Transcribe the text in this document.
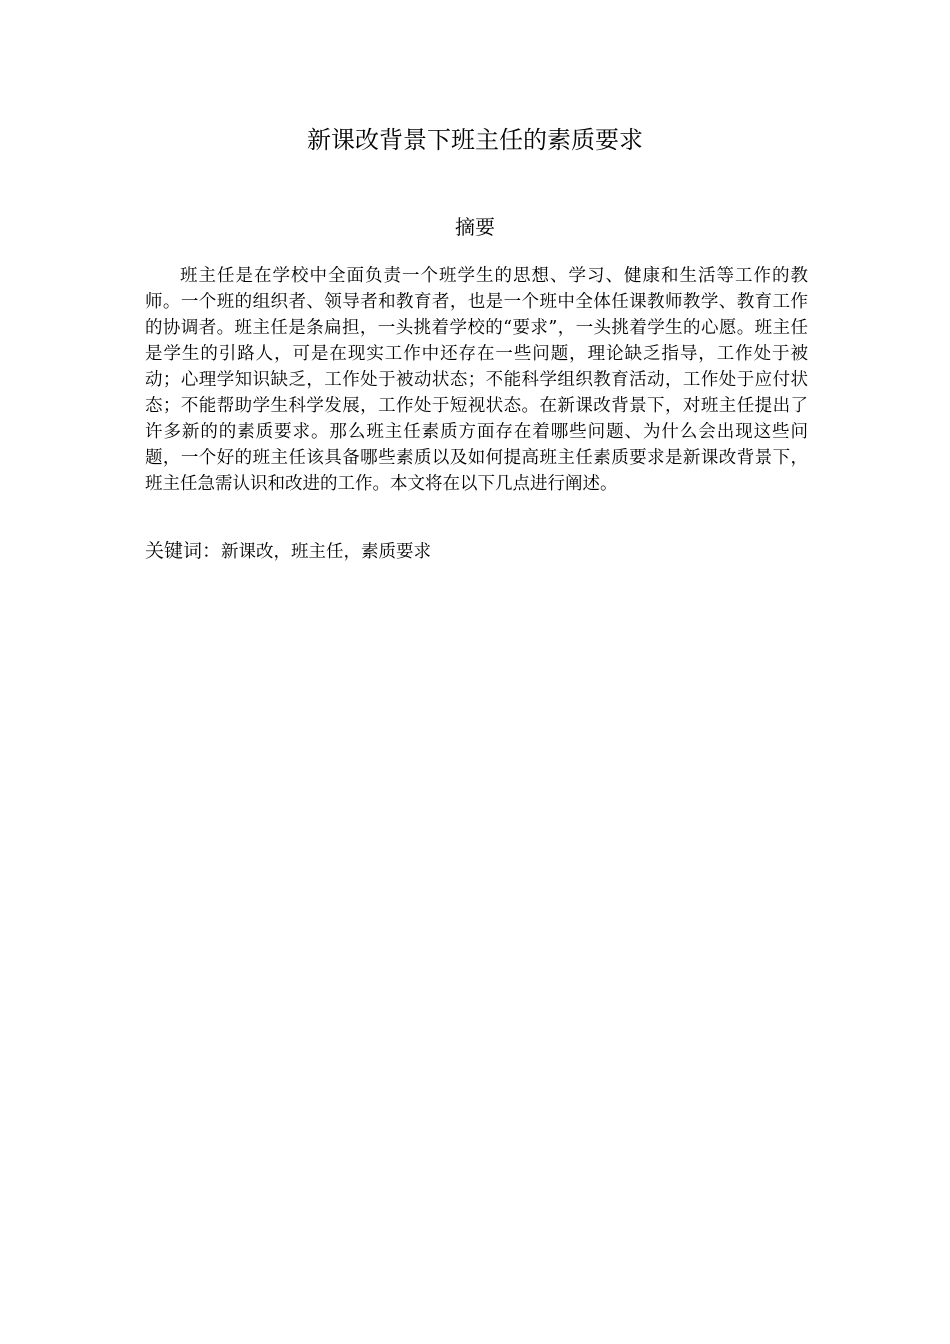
新课改背景下班主任的素质要求
摘要

班主任是在学校中全面负责一个班学生的思想、学习、健康和生活等工作的教师。一个班的组织者、领导者和教育者，也是一个班中全体任课教师教学、教育工作的协调者。班主任是条扁担，一头挑着学校的“要求”，一头挑着学生的心愿。班主任是学生的引路人，可是在现实工作中还存在一些问题，理论缺乏指导，工作处于被动；心理学知识缺乏，工作处于被动状态；不能科学组织教育活动，工作处于应付状态；不能帮助学生科学发展，工作处于短视状态。在新课改背景下，对班主任提出了许多新的的素质要求。那么班主任素质方面存在着哪些问题、为什么会出现这些问题，一个好的班主任该具备哪些素质以及如何提高班主任素质要求是新课改背景下，班主任急需认识和改进的工作。本文将在以下几点进行阐述。

关键词：新课改，班主任，素质要求
